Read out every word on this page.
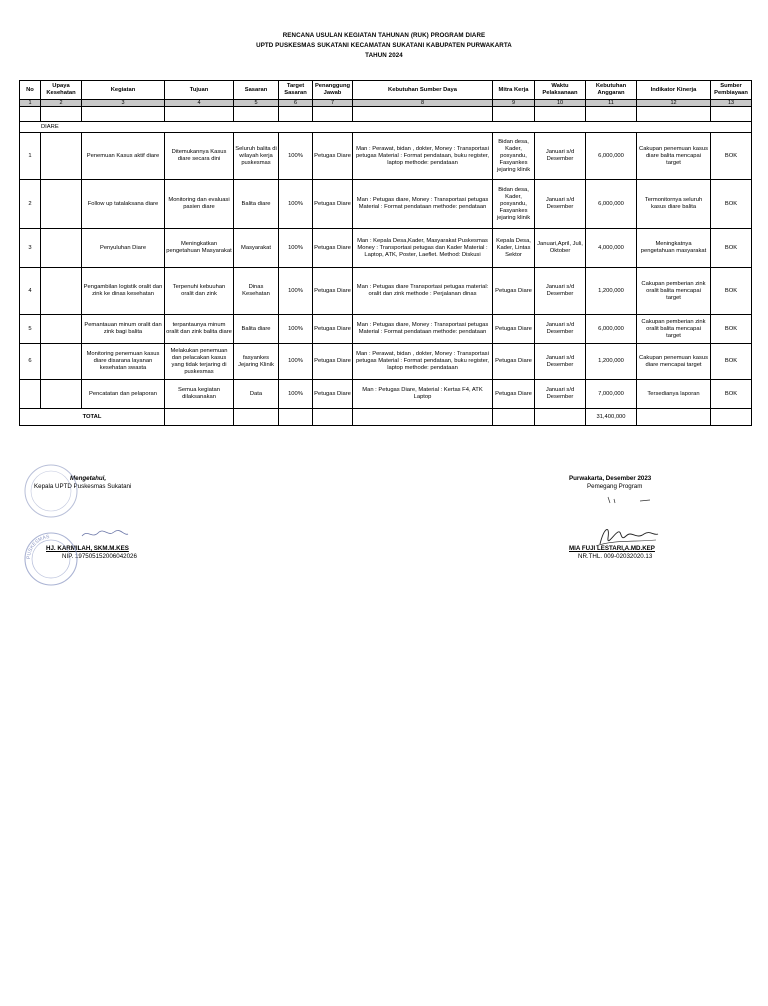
RENCANA USULAN KEGIATAN TAHUNAN (RUK) PROGRAM DIARE
UPTD PUSKESMAS SUKATANI KECAMATAN SUKATANI KABUPATEN PURWAKARTA
TAHUN 2024
No	Upaya Kesehatan	Kegiatan	Tujuan	Sasaran	Target Sasaran	Penanggung Jawab	Kebutuhan Sumber Daya	Mitra Kerja	Waktu Pelaksanaan	Kebutuhan Anggaran	Indikator Kinerja	Sumber Pembiayaan
1	2	3	4	5	6	7	8	9	10	11	12	13

DIARE												
1		Penemuan Kasus aktif diare	Ditemukannya Kasus diare secara dini	Seluruh balita di wilayah kerja puskesmas	100%	Petugas Diare	Man : Perawat, bidan , dokter, Money : Transportasi petugas Material : Format pendataan, buku register, laptop methode: pendataan	Bidan desa, Kader, posyandu, Fasyankes jejaring klinik	Januari s/d Desember	6,000,000	Cakupan penemuan kasus diare balita mencapai target	BOK
2		Follow up tatalaksana diare	Monitoring dan evaluasi pasien diare	Balita diare	100%	Petugas Diare	Man : Petugas diare, Money : Transportasi petugas Material : Format pendataan methode: pendataan	Bidan desa, Kader, posyandu, Fasyankes jejaring klinik	Januari s/d Desember	6,000,000	Termonitornya seluruh kasus diare balita	BOK
3		Penyuluhan Diare	Meningkatkan pengetahuan Masyarakat	Masyarakat	100%	Petugas Diare	Man : Kepala Desa,Kader, Masyarakat Puskesmas Money : Transportasi petugas dan Kader Material : Laptop, ATK, Poster, Laeflet. Method: Diskusi	Kepala Desa, Kader, Lintas Sektor	Januari,April, Juli, Oktober	4,000,000	Meningkatnya pengetahuan masyarakat	BOK
4		Pengambilan logistik oralit dan zink ke dinas kesehatan	Terpenuhi kebuuhan oralit dan zink	Dinas Kesehatan	100%	Petugas Diare	Man : Petugas diare Transportasi petugas material: oralit dan zink methode : Perjalanan dinas	Petugas Diare	Januari s/d Desember	1,200,000	Cakupan pemberian zink oralit balita mencapai target	BOK
5		Pemantauan minum oralit dan zink bagi balita	terpantaunya minum oralit dan zink balita diare	Balita diare	100%	Petugas Diare	Man : Petugas diare, Money : Transportasi petugas Material : Format pendataan methode: pendataan	Petugas Diare	Januari s/d Desember	6,000,000	Cakupan pemberian zink oralit balita mencapai target	BOK
6		Monitoring penemuan kasus diare disarana layanan kesehatan swasta	Melakukan penemuan dan pelacakan kasus yang tidak terjaring di puskesmas	fasyankes Jejaring Klinik	100%	Petugas Diare	Man : Perawat, bidan , dokter, Money : Transportasi petugas Material : Format pendataan, buku register, laptop methode: pendataan	Petugas Diare	Januari s/d Desember	1,200,000	Cakupan penemuan kasus diare mencapai target	BOK
		Pencatatan dan pelaporan	Semua kegiatan dilaksanakan	Data	100%	Petugas Diare	Man : Petugas Diare, Material : Kertas F4, ATK Laptop	Petugas Diare	Januari s/d Desember	7,000,000	Tersedianya laporan	BOK
TOTAL										31,400,000		
Mengetahui,
Kepala UPTD Puskesmas Sukatani
HJ. KARMILAH, SKM.M.KES
NIP. 197505152006042026
Purwakarta, Desember 2023
Pemegang Program
MIA FUJI LESTARI,A.MD.KEP
NR.THL. 009-02032020.13
PUSKESMAS
